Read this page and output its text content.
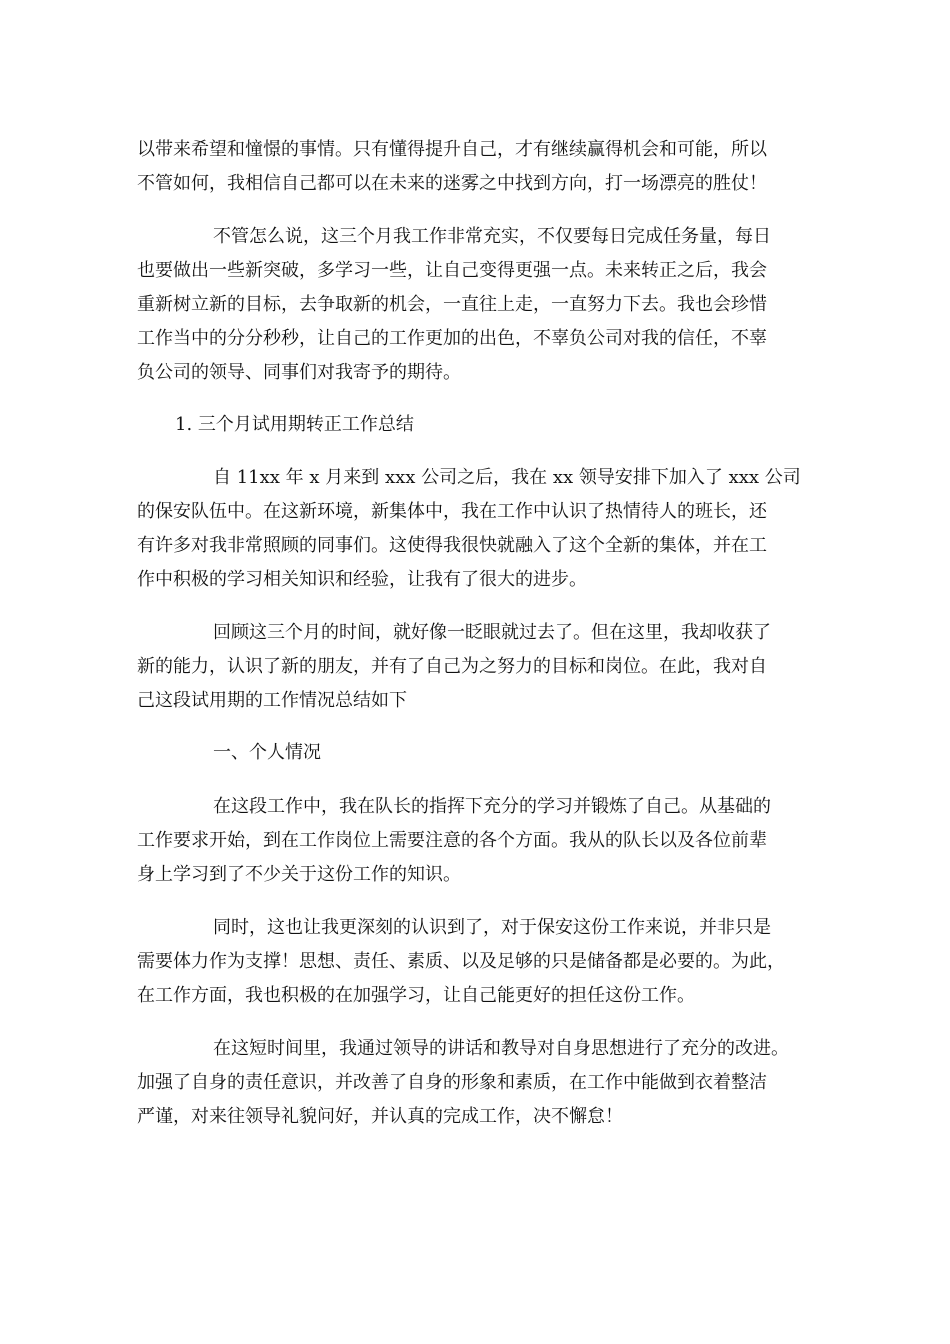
以带来希望和憧憬的事情。只有懂得提升自己，才有继续赢得机会和可能，所以
不管如何，我相信自己都可以在未来的迷雾之中找到方向，打一场漂亮的胜仗！
不管怎么说，这三个月我工作非常充实，不仅要每日完成任务量，每日
也要做出一些新突破，多学习一些，让自己变得更强一点。未来转正之后，我会
重新树立新的目标，去争取新的机会，一直往上走，一直努力下去。我也会珍惜
工作当中的分分秒秒，让自己的工作更加的出色，不辜负公司对我的信任，不辜
负公司的领导、同事们对我寄予的期待。
1. 三个月试用期转正工作总结
自 11xx 年 x 月来到 xxx 公司之后，我在 xx 领导安排下加入了 xxx 公司
的保安队伍中。在这新环境，新集体中，我在工作中认识了热情待人的班长，还
有许多对我非常照顾的同事们。这使得我很快就融入了这个全新的集体，并在工
作中积极的学习相关知识和经验，让我有了很大的进步。
回顾这三个月的时间，就好像一眨眼就过去了。但在这里，我却收获了
新的能力，认识了新的朋友，并有了自己为之努力的目标和岗位。在此，我对自
己这段试用期的工作情况总结如下
一、个人情况
在这段工作中，我在队长的指挥下充分的学习并锻炼了自己。从基础的
工作要求开始，到在工作岗位上需要注意的各个方面。我从的队长以及各位前辈
身上学习到了不少关于这份工作的知识。
同时，这也让我更深刻的认识到了，对于保安这份工作来说，并非只是
需要体力作为支撑！思想、责任、素质、以及足够的只是储备都是必要的。为此，
在工作方面，我也积极的在加强学习，让自己能更好的担任这份工作。
在这短时间里，我通过领导的讲话和教导对自身思想进行了充分的改进。
加强了自身的责任意识，并改善了自身的形象和素质，在工作中能做到衣着整洁
严谨，对来往领导礼貌问好，并认真的完成工作，决不懈怠！
